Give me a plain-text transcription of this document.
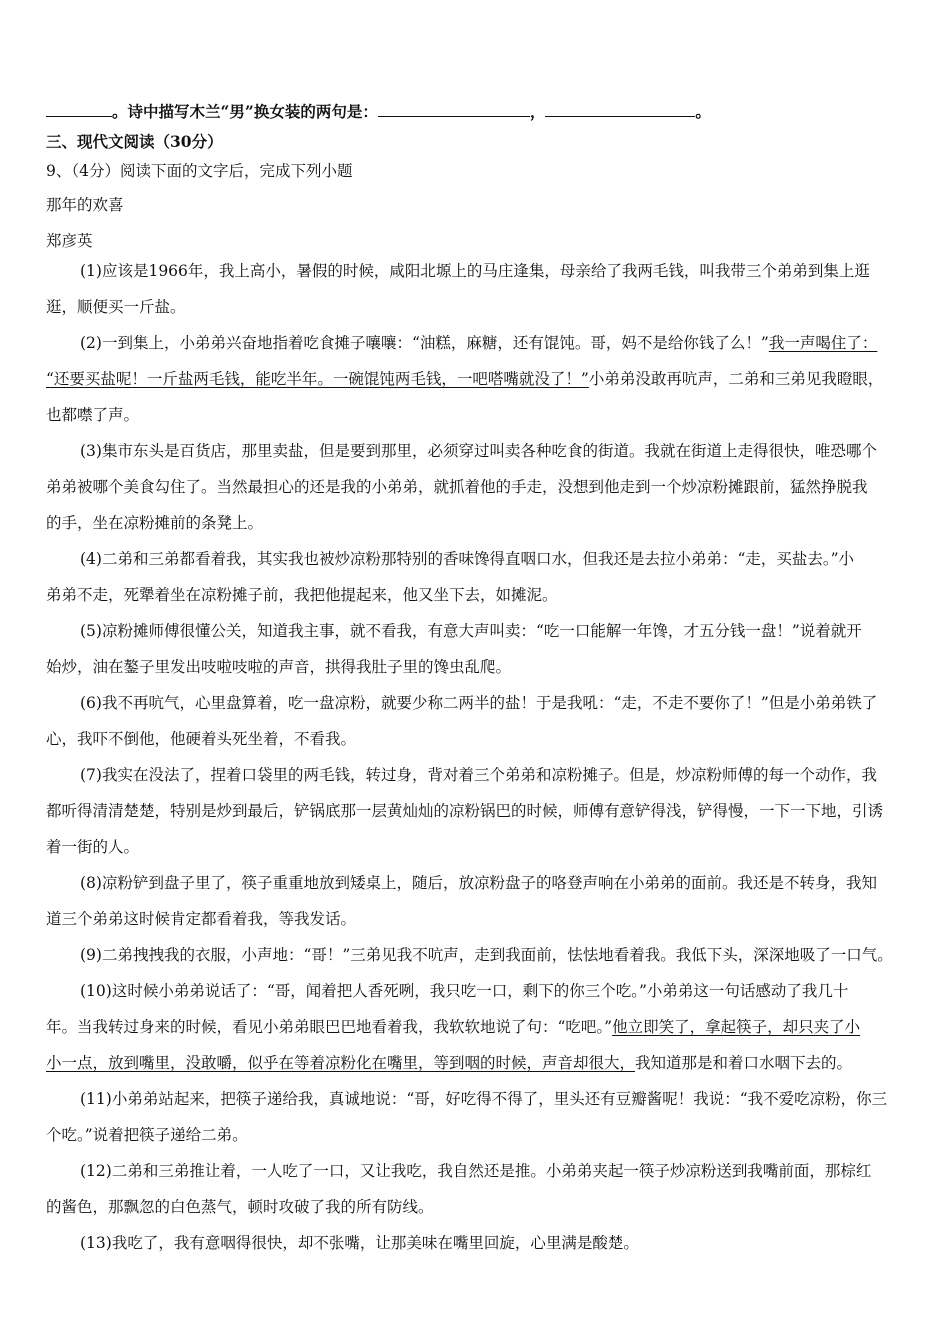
。诗中描写木兰“男”换女装的两句是：	，	。
三、现代文阅读（30分）
9、（4分）阅读下面的文字后，完成下列小题
那年的欢喜
郑彦英
(1)应该是1966年，我上高小，暑假的时候，咸阳北塬上的马庄逢集，母亲给了我两毛钱，叫我带三个弟弟到集上逛
逛，顺便买一斤盐。
(2)一到集上，小弟弟兴奋地指着吃食摊子嚷嚷：“油糕，麻糖，还有馄饨。哥，妈不是给你钱了么！”我一声喝住了：
“还要买盐呢！一斤盐两毛钱，能吃半年。一碗馄饨两毛钱，一吧嗒嘴就没了！”小弟弟没敢再吭声，二弟和三弟见我瞪眼，
也都噤了声。
(3)集市东头是百货店，那里卖盐，但是要到那里，必须穿过叫卖各种吃食的街道。我就在街道上走得很快，唯恐哪个
弟弟被哪个美食勾住了。当然最担心的还是我的小弟弟，就抓着他的手走，没想到他走到一个炒凉粉摊跟前，猛然挣脱我
的手，坐在凉粉摊前的条凳上。
(4)二弟和三弟都看着我，其实我也被炒凉粉那特别的香味馋得直咽口水，但我还是去拉小弟弟：“走，买盐去。”小
弟弟不走，死犟着坐在凉粉摊子前，我把他提起来，他又坐下去，如摊泥。
(5)凉粉摊师傅很懂公关，知道我主事，就不看我，有意大声叫卖：“吃一口能解一年馋，才五分钱一盘！”说着就开
始炒，油在鏊子里发出吱啦吱啦的声音，拱得我肚子里的馋虫乱爬。
(6)我不再吭气，心里盘算着，吃一盘凉粉，就要少称二两半的盐！于是我吼：“走，不走不要你了！”但是小弟弟铁了
心，我吓不倒他，他硬着头死坐着，不看我。
(7)我实在没法了，捏着口袋里的两毛钱，转过身，背对着三个弟弟和凉粉摊子。但是，炒凉粉师傅的每一个动作，我
都听得清清楚楚，特别是炒到最后，铲锅底那一层黄灿灿的凉粉锅巴的时候，师傅有意铲得浅，铲得慢，一下一下地，引诱
着一街的人。
(8)凉粉铲到盘子里了，筷子重重地放到矮桌上，随后，放凉粉盘子的咯登声响在小弟弟的面前。我还是不转身，我知
道三个弟弟这时候肯定都看着我，等我发话。
(9)二弟拽拽我的衣服，小声地：“哥！”三弟见我不吭声，走到我面前，怯怯地看着我。我低下头，深深地吸了一口气。
(10)这时候小弟弟说话了：“哥，闻着把人香死咧，我只吃一口，剩下的你三个吃。”小弟弟这一句话感动了我几十
年。当我转过身来的时候，看见小弟弟眼巴巴地看着我，我软软地说了句：“吃吧。”他立即笑了，拿起筷子，却只夹了小
小一点，放到嘴里，没敢嚼，似乎在等着凉粉化在嘴里，等到咽的时候，声音却很大，我知道那是和着口水咽下去的。
(11)小弟弟站起来，把筷子递给我，真诚地说：“哥，好吃得不得了，里头还有豆瓣酱呢！我说：“我不爱吃凉粉，你三
个吃。”说着把筷子递给二弟。
(12)二弟和三弟推让着，一人吃了一口，又让我吃，我自然还是推。小弟弟夹起一筷子炒凉粉送到我嘴前面，那棕红
的酱色，那飘忽的白色蒸气，顿时攻破了我的所有防线。
(13)我吃了，我有意咽得很快，却不张嘴，让那美味在嘴里回旋，心里满是酸楚。
